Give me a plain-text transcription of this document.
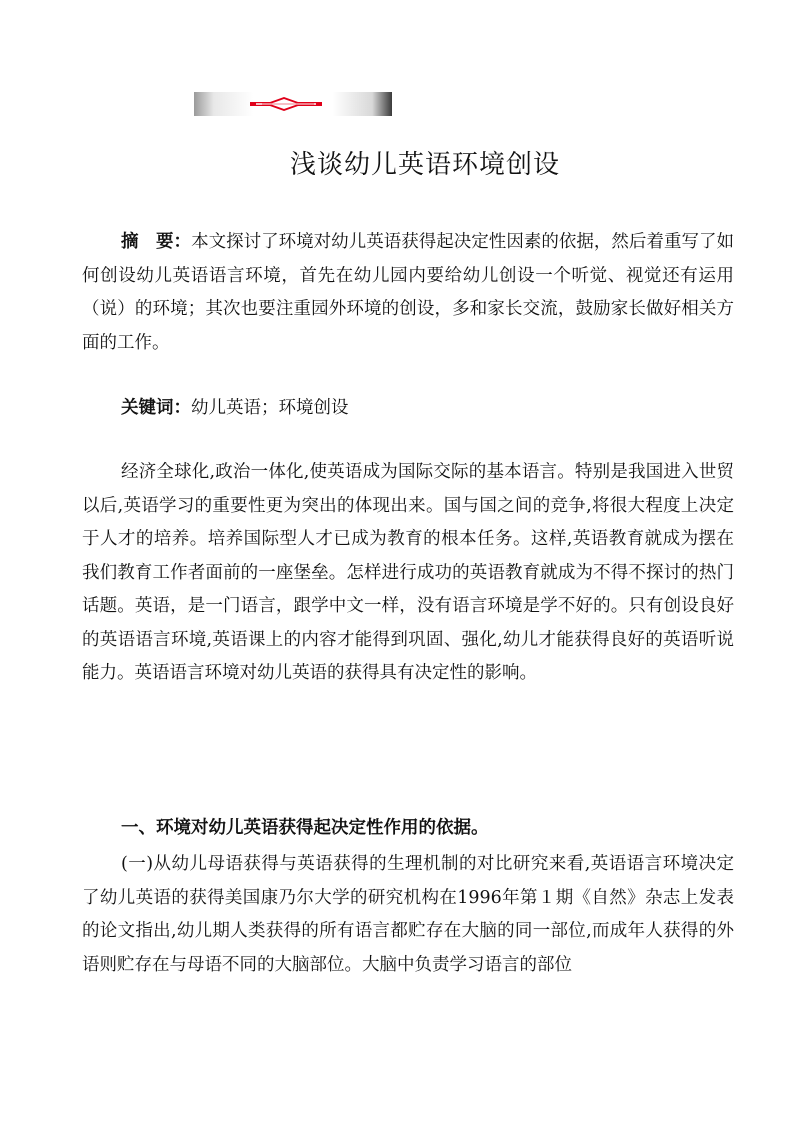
浅谈幼儿英语环境创设

摘　要：本文探讨了环境对幼儿英语获得起决定性因素的依据，然后着重写了如何创设幼儿英语语言环境，首先在幼儿园内要给幼儿创设一个听觉、视觉还有运用（说）的环境；其次也要注重园外环境的创设，多和家长交流，鼓励家长做好相关方面的工作。

关键词：幼儿英语；环境创设

经济全球化,政治一体化,使英语成为国际交际的基本语言。特别是我国进入世贸以后,英语学习的重要性更为突出的体现出来。国与国之间的竞争,将很大程度上决定于人才的培养。培养国际型人才已成为教育的根本任务。这样,英语教育就成为摆在我们教育工作者面前的一座堡垒。怎样进行成功的英语教育就成为不得不探讨的热门话题。英语，是一门语言，跟学中文一样，没有语言环境是学不好的。只有创设良好的英语语言环境,英语课上的内容才能得到巩固、强化,幼儿才能获得良好的英语听说能力。英语语言环境对幼儿英语的获得具有决定性的影响。

一、环境对幼儿英语获得起决定性作用的依据。

(一)从幼儿母语获得与英语获得的生理机制的对比研究来看,英语语言环境决定了幼儿英语的获得美国康乃尔大学的研究机构在1996年第１期《自然》杂志上发表的论文指出,幼儿期人类获得的所有语言都贮存在大脑的同一部位,而成年人获得的外语则贮存在与母语不同的大脑部位。大脑中负责学习语言的部位
